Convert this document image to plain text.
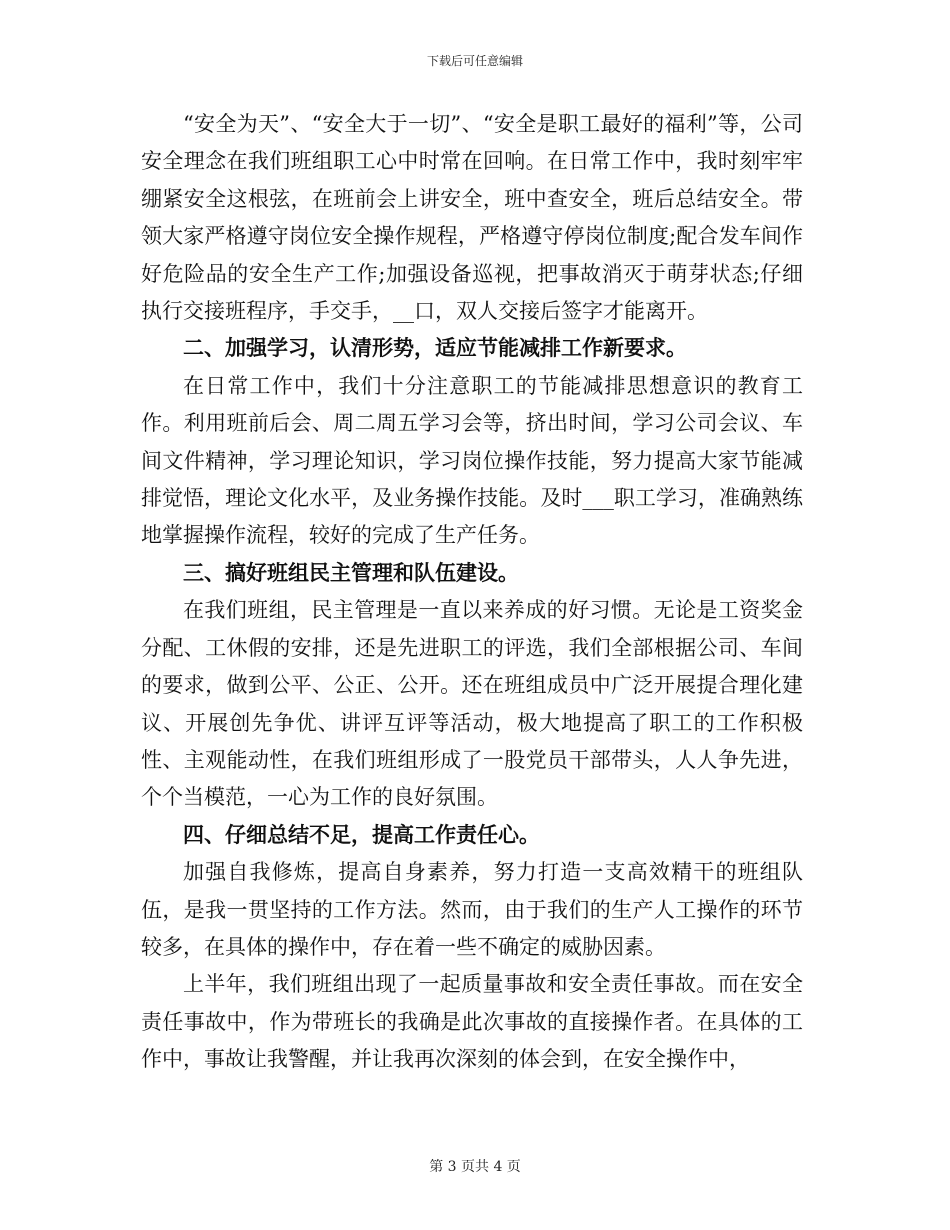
下载后可任意编辑

“安全为天”、“安全大于一切”、“安全是职工最好的福利”等，公司安全理念在我们班组职工心中时常在回响。在日常工作中，我时刻牢牢绷紧安全这根弦，在班前会上讲安全，班中查安全，班后总结安全。带领大家严格遵守岗位安全操作规程，严格遵守停岗位制度;配合发车间作好危险品的安全生产工作;加强设备巡视，把事故消灭于萌芽状态;仔细执行交接班程序，手交手，__口，双人交接后签字才能离开。

二、加强学习，认清形势，适应节能减排工作新要求。

在日常工作中，我们十分注意职工的节能减排思想意识的教育工作。利用班前后会、周二周五学习会等，挤出时间，学习公司会议、车间文件精神，学习理论知识，学习岗位操作技能，努力提高大家节能减排觉悟，理论文化水平，及业务操作技能。及时___职工学习，准确熟练地掌握操作流程，较好的完成了生产任务。

三、搞好班组民主管理和队伍建设。

在我们班组，民主管理是一直以来养成的好习惯。无论是工资奖金分配、工休假的安排，还是先进职工的评选，我们全部根据公司、车间的要求，做到公平、公正、公开。还在班组成员中广泛开展提合理化建议、开展创先争优、讲评互评等活动，极大地提高了职工的工作积极性、主观能动性，在我们班组形成了一股党员干部带头，人人争先进，个个当模范，一心为工作的良好氛围。

四、仔细总结不足，提高工作责任心。

加强自我修炼，提高自身素养，努力打造一支高效精干的班组队伍，是我一贯坚持的工作方法。然而，由于我们的生产人工操作的环节较多，在具体的操作中，存在着一些不确定的威胁因素。

上半年，我们班组出现了一起质量事故和安全责任事故。而在安全责任事故中，作为带班长的我确是此次事故的直接操作者。在具体的工作中，事故让我警醒，并让我再次深刻的体会到，在安全操作中，

第 3 页共 4 页
